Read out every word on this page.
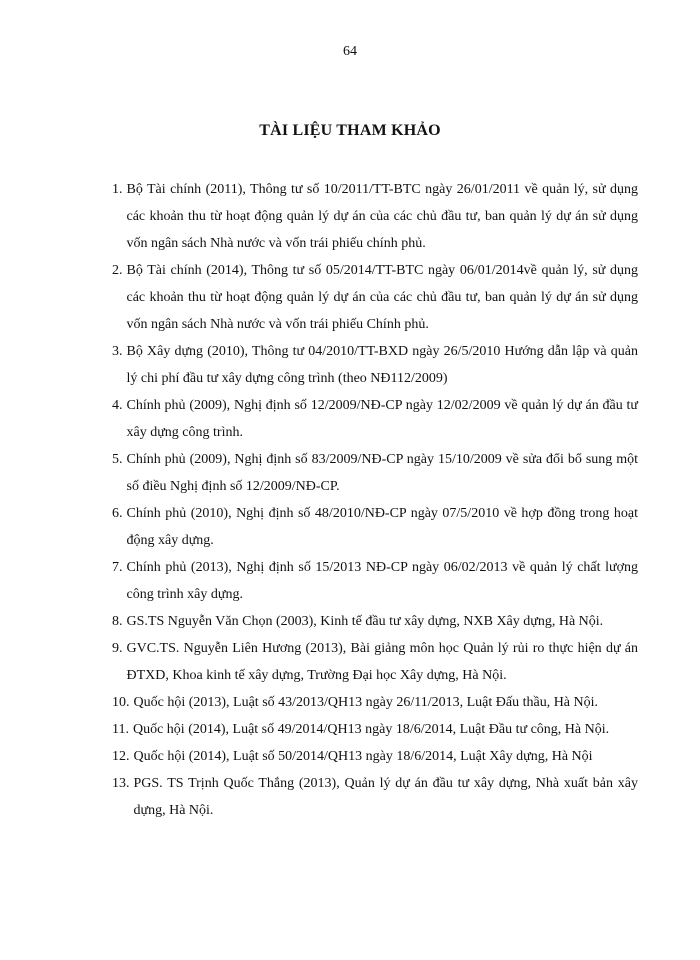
64
TÀI LIỆU THAM KHẢO
1. Bộ Tài chính (2011), Thông tư số 10/2011/TT-BTC ngày 26/01/2011 về quản lý, sử dụng các khoản thu từ hoạt động quản lý dự án của các chủ đầu tư, ban quản lý dự án sử dụng vốn ngân sách Nhà nước và vốn trái phiếu chính phủ.
2. Bộ Tài chính (2014), Thông tư số 05/2014/TT-BTC ngày 06/01/2014về quản lý, sử dụng các khoản thu từ hoạt động quản lý dự án của các chủ đầu tư, ban quản lý dự án sử dụng vốn ngân sách Nhà nước và vốn trái phiếu Chính phủ.
3. Bộ Xây dựng (2010), Thông tư 04/2010/TT-BXD ngày 26/5/2010 Hướng dẫn lập và quản lý chi phí đầu tư xây dựng công trình (theo NĐ112/2009)
4. Chính phủ (2009), Nghị định số 12/2009/NĐ-CP ngày 12/02/2009 về quản lý dự án đầu tư xây dựng công trình.
5. Chính phủ (2009), Nghị định số 83/2009/NĐ-CP ngày 15/10/2009 về sửa đổi bổ sung một số điều Nghị định số 12/2009/NĐ-CP.
6. Chính phủ (2010), Nghị định số 48/2010/NĐ-CP ngày 07/5/2010 về hợp đồng trong hoạt động xây dựng.
7. Chính phủ (2013), Nghị định số 15/2013 NĐ-CP ngày 06/02/2013 về quản lý chất lượng công trình xây dựng.
8. GS.TS Nguyễn Văn Chọn (2003), Kinh tế đầu tư xây dựng, NXB Xây dựng, Hà Nội.
9. GVC.TS. Nguyễn Liên Hương (2013), Bài giảng môn học Quản lý rủi ro thực hiện dự án ĐTXD, Khoa kinh tế xây dựng, Trường Đại học Xây dựng, Hà Nội.
10. Quốc hội (2013), Luật số 43/2013/QH13 ngày 26/11/2013, Luật Đấu thầu, Hà Nội.
11. Quốc hội (2014), Luật số 49/2014/QH13 ngày 18/6/2014, Luật Đầu tư công, Hà Nội.
12. Quốc hội (2014), Luật số 50/2014/QH13 ngày 18/6/2014, Luật Xây dựng, Hà Nội
13. PGS. TS Trịnh Quốc Thắng (2013), Quản lý dự án đầu tư xây dựng, Nhà xuất bản xây dựng, Hà Nội.
